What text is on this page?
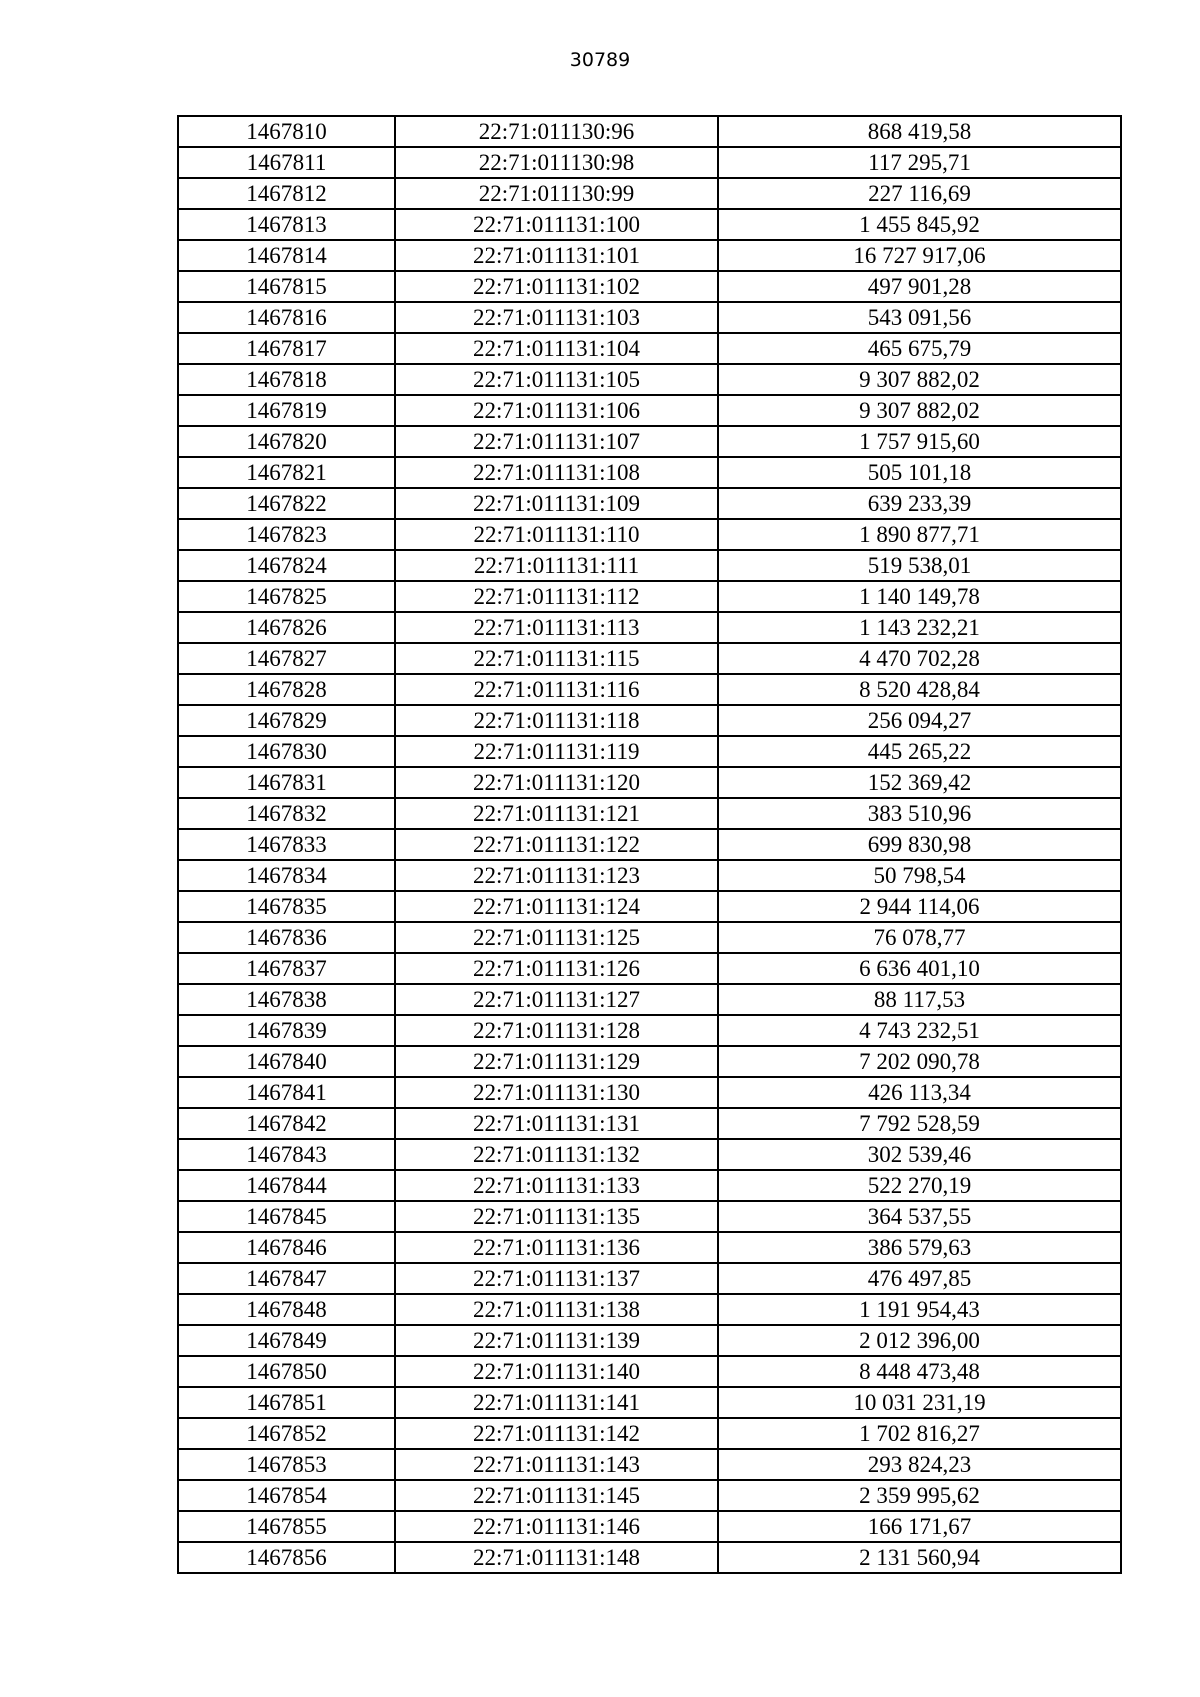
30789
1467810	22:71:011130:96	868 419,58
1467811	22:71:011130:98	117 295,71
1467812	22:71:011130:99	227 116,69
1467813	22:71:011131:100	1 455 845,92
1467814	22:71:011131:101	16 727 917,06
1467815	22:71:011131:102	497 901,28
1467816	22:71:011131:103	543 091,56
1467817	22:71:011131:104	465 675,79
1467818	22:71:011131:105	9 307 882,02
1467819	22:71:011131:106	9 307 882,02
1467820	22:71:011131:107	1 757 915,60
1467821	22:71:011131:108	505 101,18
1467822	22:71:011131:109	639 233,39
1467823	22:71:011131:110	1 890 877,71
1467824	22:71:011131:111	519 538,01
1467825	22:71:011131:112	1 140 149,78
1467826	22:71:011131:113	1 143 232,21
1467827	22:71:011131:115	4 470 702,28
1467828	22:71:011131:116	8 520 428,84
1467829	22:71:011131:118	256 094,27
1467830	22:71:011131:119	445 265,22
1467831	22:71:011131:120	152 369,42
1467832	22:71:011131:121	383 510,96
1467833	22:71:011131:122	699 830,98
1467834	22:71:011131:123	50 798,54
1467835	22:71:011131:124	2 944 114,06
1467836	22:71:011131:125	76 078,77
1467837	22:71:011131:126	6 636 401,10
1467838	22:71:011131:127	88 117,53
1467839	22:71:011131:128	4 743 232,51
1467840	22:71:011131:129	7 202 090,78
1467841	22:71:011131:130	426 113,34
1467842	22:71:011131:131	7 792 528,59
1467843	22:71:011131:132	302 539,46
1467844	22:71:011131:133	522 270,19
1467845	22:71:011131:135	364 537,55
1467846	22:71:011131:136	386 579,63
1467847	22:71:011131:137	476 497,85
1467848	22:71:011131:138	1 191 954,43
1467849	22:71:011131:139	2 012 396,00
1467850	22:71:011131:140	8 448 473,48
1467851	22:71:011131:141	10 031 231,19
1467852	22:71:011131:142	1 702 816,27
1467853	22:71:011131:143	293 824,23
1467854	22:71:011131:145	2 359 995,62
1467855	22:71:011131:146	166 171,67
1467856	22:71:011131:148	2 131 560,94
